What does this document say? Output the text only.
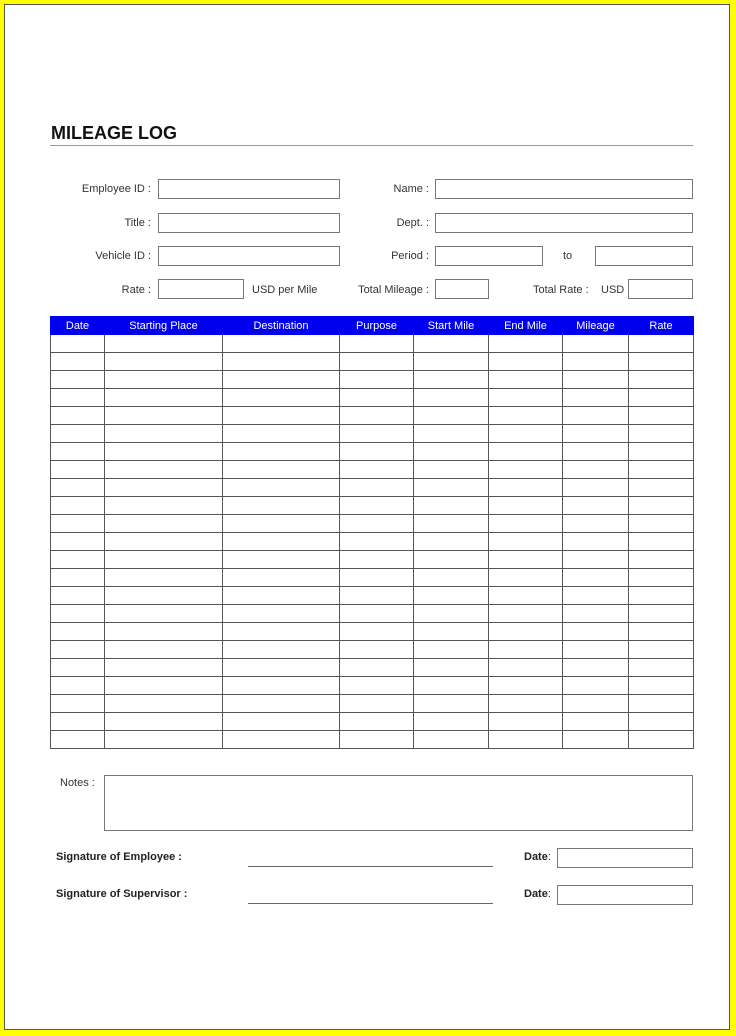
MILEAGE LOG
Employee ID :	Name :
Title :	Dept. :
Vehicle ID :	Period :	to
Rate :	USD per Mile	Total Mileage :	Total Rate : USD
Date	Starting Place	Destination	Purpose	Start Mile	End Mile	Mileage	Rate

Notes :
Signature of Employee :	Date:
Signature of Supervisor :	Date:
